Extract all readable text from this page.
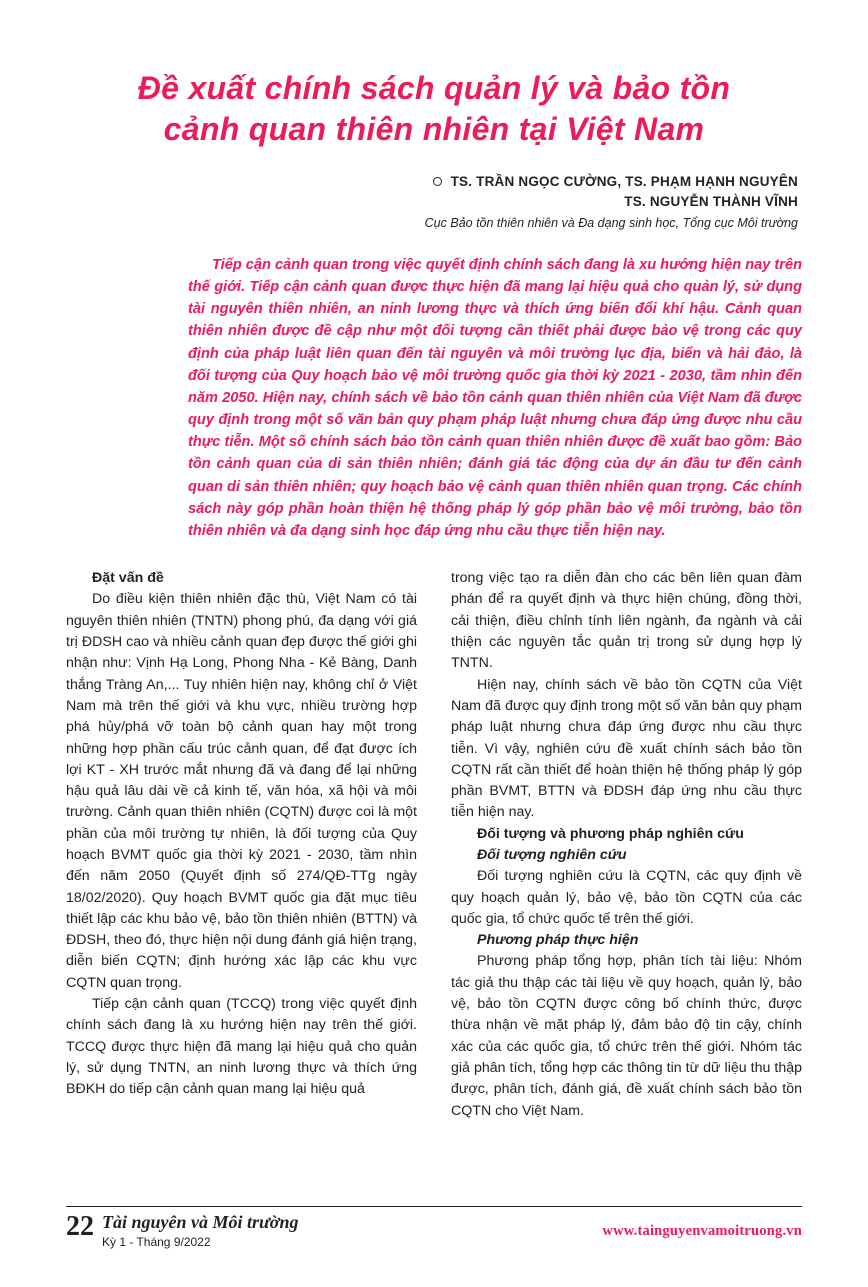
Đề xuất chính sách quản lý và bảo tồn
cảnh quan thiên nhiên tại Việt Nam
TS. TRẦN NGỌC CƯỜNG, TS. PHẠM HẠNH NGUYÊN
TS. NGUYỄN THÀNH VĨNH
Cục Bảo tồn thiên nhiên và Đa dạng sinh học, Tổng cục Môi trường
Tiếp cận cảnh quan trong việc quyết định chính sách đang là xu hướng hiện nay trên thế giới. Tiếp cận cảnh quan được thực hiện đã mang lại hiệu quả cho quản lý, sử dụng tài nguyên thiên nhiên, an ninh lương thực và thích ứng biến đổi khí hậu. Cảnh quan thiên nhiên được đề cập như một đối tượng cần thiết phải được bảo vệ trong các quy định của pháp luật liên quan đến tài nguyên và môi trường lục địa, biển và hải đảo, là đối tượng của Quy hoạch bảo vệ môi trường quốc gia thời kỳ 2021 - 2030, tầm nhìn đến năm 2050. Hiện nay, chính sách về bảo tồn cảnh quan thiên nhiên của Việt Nam đã được quy định trong một số văn bản quy phạm pháp luật nhưng chưa đáp ứng được nhu cầu thực tiễn. Một số chính sách bảo tồn cảnh quan thiên nhiên được đề xuất bao gồm: Bảo tồn cảnh quan của di sản thiên nhiên; đánh giá tác động của dự án đầu tư đến cảnh quan di sản thiên nhiên; quy hoạch bảo vệ cảnh quan thiên nhiên quan trọng. Các chính sách này góp phần hoàn thiện hệ thống pháp lý góp phần bảo vệ môi trường, bảo tồn thiên nhiên và đa dạng sinh học đáp ứng nhu cầu thực tiễn hiện nay.

Đặt vấn đề

Do điều kiện thiên nhiên đặc thù, Việt Nam có tài nguyên thiên nhiên (TNTN) phong phú, đa dạng với giá trị ĐDSH cao và nhiều cảnh quan đẹp được thế giới ghi nhận như: Vịnh Hạ Long, Phong Nha - Kẻ Bàng, Danh thắng Tràng An,... Tuy nhiên hiện nay, không chỉ ở Việt Nam mà trên thế giới và khu vực, nhiều trường hợp phá hủy/phá vỡ toàn bộ cảnh quan hay một trong những hợp phần cấu trúc cảnh quan, để đạt được ích lợi KT - XH trước mắt nhưng đã và đang để lại những hậu quả lâu dài về cả kinh tế, văn hóa, xã hội và môi trường. Cảnh quan thiên nhiên (CQTN) được coi là một phần của môi trường tự nhiên, là đối tượng của Quy hoạch BVMT quốc gia thời kỳ 2021 - 2030, tầm nhìn đến năm 2050 (Quyết định số 274/QĐ-TTg ngày 18/02/2020). Quy hoạch BVMT quốc gia đặt mục tiêu thiết lập các khu bảo vệ, bảo tồn thiên nhiên (BTTN) và ĐDSH, theo đó, thực hiện nội dung đánh giá hiện trạng, diễn biến CQTN; định hướng xác lập các khu vực CQTN quan trọng.

Tiếp cận cảnh quan (TCCQ) trong việc quyết định chính sách đang là xu hướng hiện nay trên thế giới. TCCQ được thực hiện đã mang lại hiệu quả cho quản lý, sử dụng TNTN, an ninh lương thực và thích ứng BĐKH do tiếp cận cảnh quan mang lại hiệu quả

trong việc tạo ra diễn đàn cho các bên liên quan đàm phán để ra quyết định và thực hiện chúng, đồng thời, cải thiện, điều chỉnh tính liên ngành, đa ngành và cải thiện các nguyên tắc quản trị trong sử dụng hợp lý TNTN.

Hiện nay, chính sách về bảo tồn CQTN của Việt Nam đã được quy định trong một số văn bản quy phạm pháp luật nhưng chưa đáp ứng được nhu cầu thực tiễn. Vì vậy, nghiên cứu đề xuất chính sách bảo tồn CQTN rất cần thiết để hoàn thiện hệ thống pháp lý góp phần BVMT, BTTN và ĐDSH đáp ứng nhu cầu thực tiễn hiện nay.

Đối tượng và phương pháp nghiên cứu

Đối tượng nghiên cứu

Đối tượng nghiên cứu là CQTN, các quy định về quy hoạch quản lý, bảo vệ, bảo tồn CQTN của các quốc gia, tổ chức quốc tế trên thế giới.

Phương pháp thực hiện

Phương pháp tổng hợp, phân tích tài liệu: Nhóm tác giả thu thập các tài liệu về quy hoạch, quản lý, bảo vệ, bảo tồn CQTN được công bố chính thức, được thừa nhận về mặt pháp lý, đảm bảo độ tin cậy, chính xác của các quốc gia, tổ chức trên thế giới. Nhóm tác giả phân tích, tổng hợp các thông tin từ dữ liệu thu thập được, phân tích, đánh giá, đề xuất chính sách bảo tồn CQTN cho Việt Nam.

22 Tài nguyên và Môi trường
Kỳ 1 - Tháng 9/2022
www.tainguyenvamoitruong.vn
